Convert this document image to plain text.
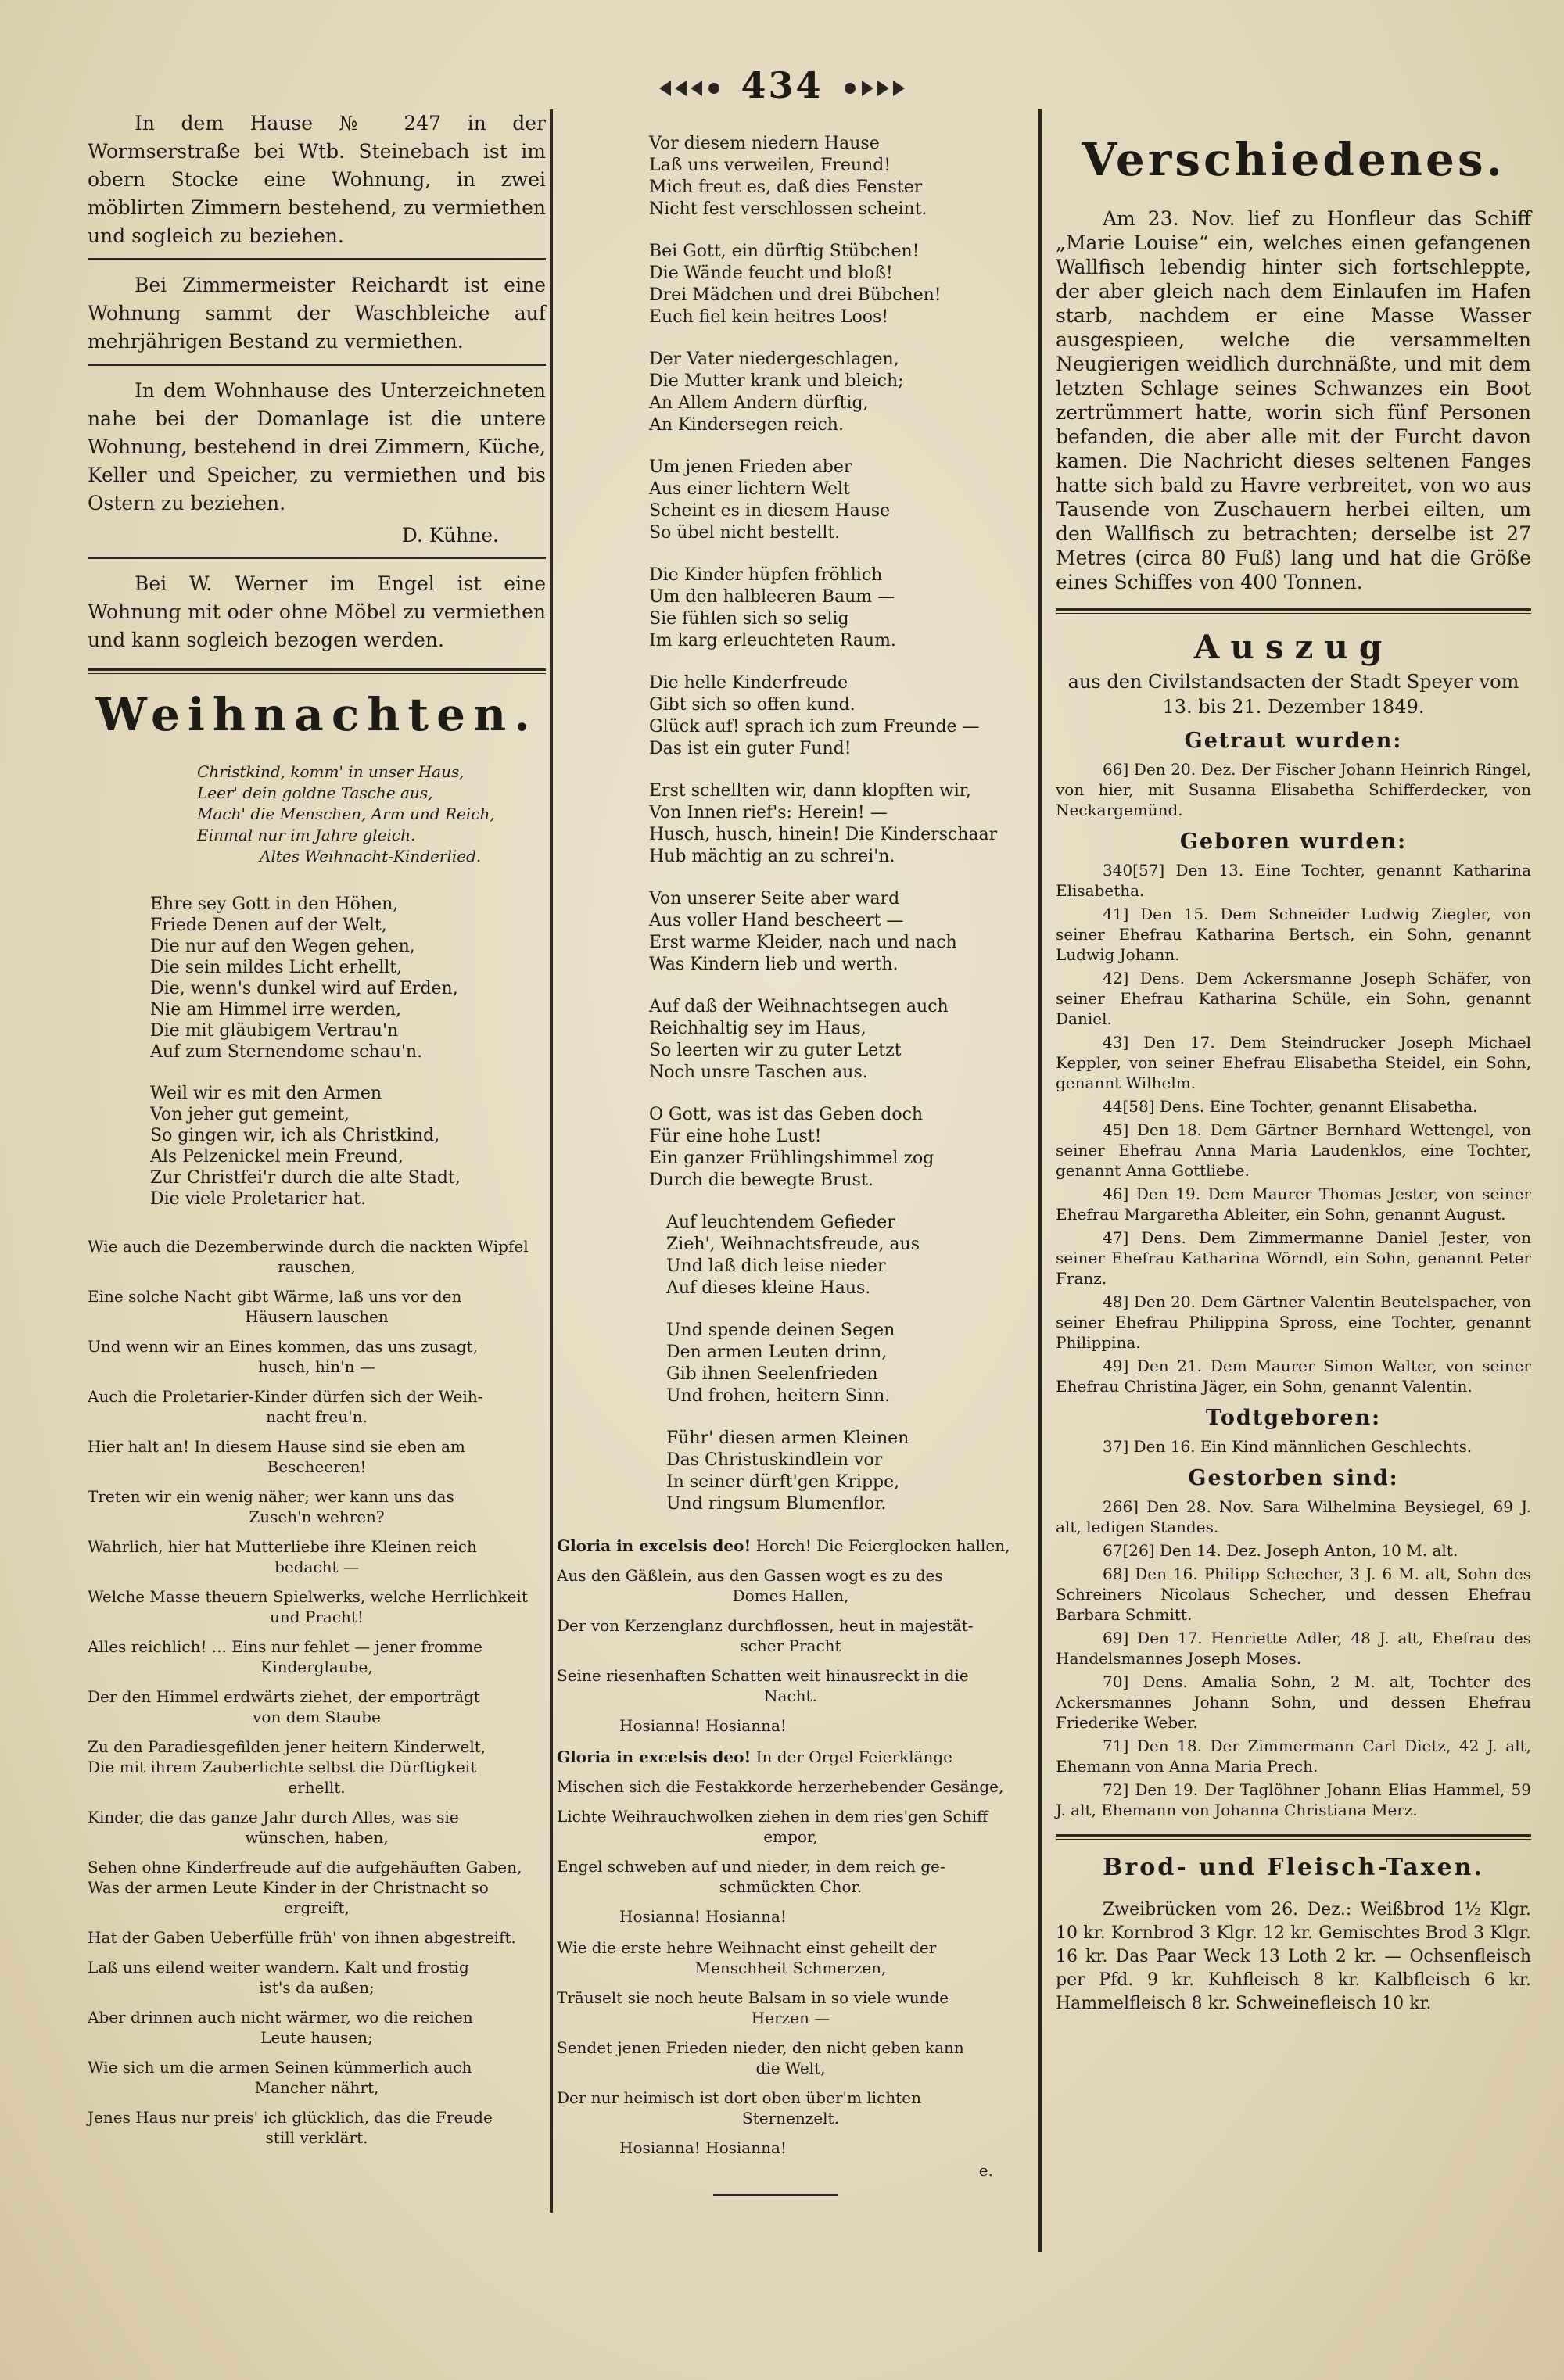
434

In dem Hause № 247 in der Wormserstraße bei Wtb. Steinebach ist im obern Stocke eine Wohnung, in zwei möblirten Zimmern bestehend, zu vermiethen und sogleich zu beziehen.

Bei Zimmermeister Reichardt ist eine Wohnung sammt der Waschbleiche auf mehrjährigen Bestand zu vermiethen.

In dem Wohnhause des Unterzeichneten nahe bei der Domanlage ist die untere Wohnung, bestehend in drei Zimmern, Küche, Keller und Speicher, zu vermiethen und bis Ostern zu beziehen.

D. Kühne.

Bei W. Werner im Engel ist eine Wohnung mit oder ohne Möbel zu vermiethen und kann sogleich bezogen werden.

Weihnachten.
Christkind, komm' in unser Haus,
Leer' dein goldne Tasche aus,
Mach' die Menschen, Arm und Reich,
Einmal nur im Jahre gleich.
Altes Weihnacht-Kinderlied.
Ehre sey Gott in den Höhen,
Friede Denen auf der Welt,
Die nur auf den Wegen gehen,
Die sein mildes Licht erhellt,
Die, wenn's dunkel wird auf Erden,
Nie am Himmel irre werden,
Die mit gläubigem Vertrau'n
Auf zum Sternendome schau'n.
Weil wir es mit den Armen
Von jeher gut gemeint,
So gingen wir, ich als Christkind,
Als Pelzenickel mein Freund,
Zur Christfei'r durch die alte Stadt,
Die viele Proletarier hat.

Wie auch die Dezemberwinde durch die nackten Wipfel
rauschen,

Eine solche Nacht gibt Wärme, laß uns vor den
Häusern lauschen

Und wenn wir an Eines kommen, das uns zusagt,
husch, hin'n —

Auch die Proletarier-Kinder dürfen sich der Weih-
nacht freu'n.

Hier halt an! In diesem Hause sind sie eben am
Bescheeren!

Treten wir ein wenig näher; wer kann uns das
Zuseh'n wehren?

Wahrlich, hier hat Mutterliebe ihre Kleinen reich
bedacht —

Welche Masse theuern Spielwerks, welche Herrlichkeit
und Pracht!

Alles reichlich! ... Eins nur fehlet — jener fromme
Kinderglaube,

Der den Himmel erdwärts ziehet, der emporträgt
von dem Staube

Zu den Paradiesgefilden jener heitern Kinderwelt,

Die mit ihrem Zauberlichte selbst die Dürftigkeit
erhellt.

Kinder, die das ganze Jahr durch Alles, was sie
wünschen, haben,

Sehen ohne Kinderfreude auf die aufgehäuften Gaben,

Was der armen Leute Kinder in der Christnacht so
ergreift,

Hat der Gaben Ueberfülle früh' von ihnen abgestreift.

Laß uns eilend weiter wandern. Kalt und frostig
ist's da außen;

Aber drinnen auch nicht wärmer, wo die reichen
Leute hausen;

Wie sich um die armen Seinen kümmerlich auch
Mancher nährt,

Jenes Haus nur preis' ich glücklich, das die Freude
still verklärt.

Vor diesem niedern Hause
Laß uns verweilen, Freund!
Mich freut es, daß dies Fenster
Nicht fest verschlossen scheint.
Bei Gott, ein dürftig Stübchen!
Die Wände feucht und bloß!
Drei Mädchen und drei Bübchen!
Euch fiel kein heitres Loos!
Der Vater niedergeschlagen,
Die Mutter krank und bleich;
An Allem Andern dürftig,
An Kindersegen reich.
Um jenen Frieden aber
Aus einer lichtern Welt
Scheint es in diesem Hause
So übel nicht bestellt.
Die Kinder hüpfen fröhlich
Um den halbleeren Baum —
Sie fühlen sich so selig
Im karg erleuchteten Raum.
Die helle Kinderfreude
Gibt sich so offen kund.
Glück auf! sprach ich zum Freunde —
Das ist ein guter Fund!
Erst schellten wir, dann klopften wir,
Von Innen rief's: Herein! —
Husch, husch, hinein! Die Kinderschaar
Hub mächtig an zu schrei'n.
Von unserer Seite aber ward
Aus voller Hand bescheert —
Erst warme Kleider, nach und nach
Was Kindern lieb und werth.
Auf daß der Weihnachtsegen auch
Reichhaltig sey im Haus,
So leerten wir zu guter Letzt
Noch unsre Taschen aus.
O Gott, was ist das Geben doch
Für eine hohe Lust!
Ein ganzer Frühlingshimmel zog
Durch die bewegte Brust.
Auf leuchtendem Gefieder
Zieh', Weihnachtsfreude, aus
Und laß dich leise nieder
Auf dieses kleine Haus.
Und spende deinen Segen
Den armen Leuten drinn,
Gib ihnen Seelenfrieden
Und frohen, heitern Sinn.
Führ' diesen armen Kleinen
Das Christuskindlein vor
In seiner dürft'gen Krippe,
Und ringsum Blumenflor.

Gloria in excelsis deo! Horch! Die Feierglocken hallen,

Aus den Gäßlein, aus den Gassen wogt es zu des
Domes Hallen,

Der von Kerzenglanz durchflossen, heut in majestät-
scher Pracht

Seine riesenhaften Schatten weit hinausreckt in die
Nacht.

Hosianna! Hosianna!

Gloria in excelsis deo! In der Orgel Feierklänge

Mischen sich die Festakkorde herzerhebender Gesänge,

Lichte Weihrauchwolken ziehen in dem ries'gen Schiff
empor,

Engel schweben auf und nieder, in dem reich ge-
schmückten Chor.

Hosianna! Hosianna!

Wie die erste hehre Weihnacht einst geheilt der
Menschheit Schmerzen,

Träuselt sie noch heute Balsam in so viele wunde
Herzen —

Sendet jenen Frieden nieder, den nicht geben kann
die Welt,

Der nur heimisch ist dort oben über'm lichten
Sternenzelt.

Hosianna! Hosianna!
e.
Verschiedenes.

Am 23. Nov. lief zu Honfleur das Schiff „Marie Louise“ ein, welches einen gefangenen Wallfisch lebendig hinter sich fortschleppte, der aber gleich nach dem Einlaufen im Hafen starb, nachdem er eine Masse Wasser ausgespieen, welche die versammelten Neugierigen weidlich durchnäßte, und mit dem letzten Schlage seines Schwanzes ein Boot zertrümmert hatte, worin sich fünf Personen befanden, die aber alle mit der Furcht davon kamen. Die Nachricht dieses seltenen Fanges hatte sich bald zu Havre verbreitet, von wo aus Tausende von Zuschauern herbei eilten, um den Wallfisch zu betrachten; derselbe ist 27 Metres (circa 80 Fuß) lang und hat die Größe eines Schiffes von 400 Tonnen.

Auszug
aus den Civilstandsacten der Stadt Speyer vom 13. bis 21. Dezember 1849.
Getraut wurden:

66] Den 20. Dez. Der Fischer Johann Heinrich Ringel, von hier, mit Susanna Elisabetha Schifferdecker, von Neckargemünd.

Geboren wurden:

340[57] Den 13. Eine Tochter, genannt Katharina Elisabetha.

41] Den 15. Dem Schneider Ludwig Ziegler, von seiner Ehefrau Katharina Bertsch, ein Sohn, genannt Ludwig Johann.

42] Dens. Dem Ackersmanne Joseph Schäfer, von seiner Ehefrau Katharina Schüle, ein Sohn, genannt Daniel.

43] Den 17. Dem Steindrucker Joseph Michael Keppler, von seiner Ehefrau Elisabetha Steidel, ein Sohn, genannt Wilhelm.

44[58] Dens. Eine Tochter, genannt Elisabetha.

45] Den 18. Dem Gärtner Bernhard Wettengel, von seiner Ehefrau Anna Maria Laudenklos, eine Tochter, genannt Anna Gottliebe.

46] Den 19. Dem Maurer Thomas Jester, von seiner Ehefrau Margaretha Ableiter, ein Sohn, genannt August.

47] Dens. Dem Zimmermanne Daniel Jester, von seiner Ehefrau Katharina Wörndl, ein Sohn, genannt Peter Franz.

48] Den 20. Dem Gärtner Valentin Beutelspacher, von seiner Ehefrau Philippina Spross, eine Tochter, genannt Philippina.

49] Den 21. Dem Maurer Simon Walter, von seiner Ehefrau Christina Jäger, ein Sohn, genannt Valentin.

Todtgeboren:

37] Den 16. Ein Kind männlichen Geschlechts.

Gestorben sind:

266] Den 28. Nov. Sara Wilhelmina Beysiegel, 69 J. alt, ledigen Standes.

67[26] Den 14. Dez. Joseph Anton, 10 M. alt.

68] Den 16. Philipp Schecher, 3 J. 6 M. alt, Sohn des Schreiners Nicolaus Schecher, und dessen Ehefrau Barbara Schmitt.

69] Den 17. Henriette Adler, 48 J. alt, Ehefrau des Handelsmannes Joseph Moses.

70] Dens. Amalia Sohn, 2 M. alt, Tochter des Ackersmannes Johann Sohn, und dessen Ehefrau Friederike Weber.

71] Den 18. Der Zimmermann Carl Dietz, 42 J. alt, Ehemann von Anna Maria Prech.

72] Den 19. Der Taglöhner Johann Elias Hammel, 59 J. alt, Ehemann von Johanna Christiana Merz.

Brod- und Fleisch-Taxen.

Zweibrücken vom 26. Dez.: Weißbrod 1½ Klgr. 10 kr. Kornbrod 3 Klgr. 12 kr. Gemischtes Brod 3 Klgr. 16 kr. Das Paar Weck 13 Loth 2 kr. — Ochsenfleisch per Pfd. 9 kr. Kuhfleisch 8 kr. Kalbfleisch 6 kr. Hammelfleisch 8 kr. Schweinefleisch 10 kr.
